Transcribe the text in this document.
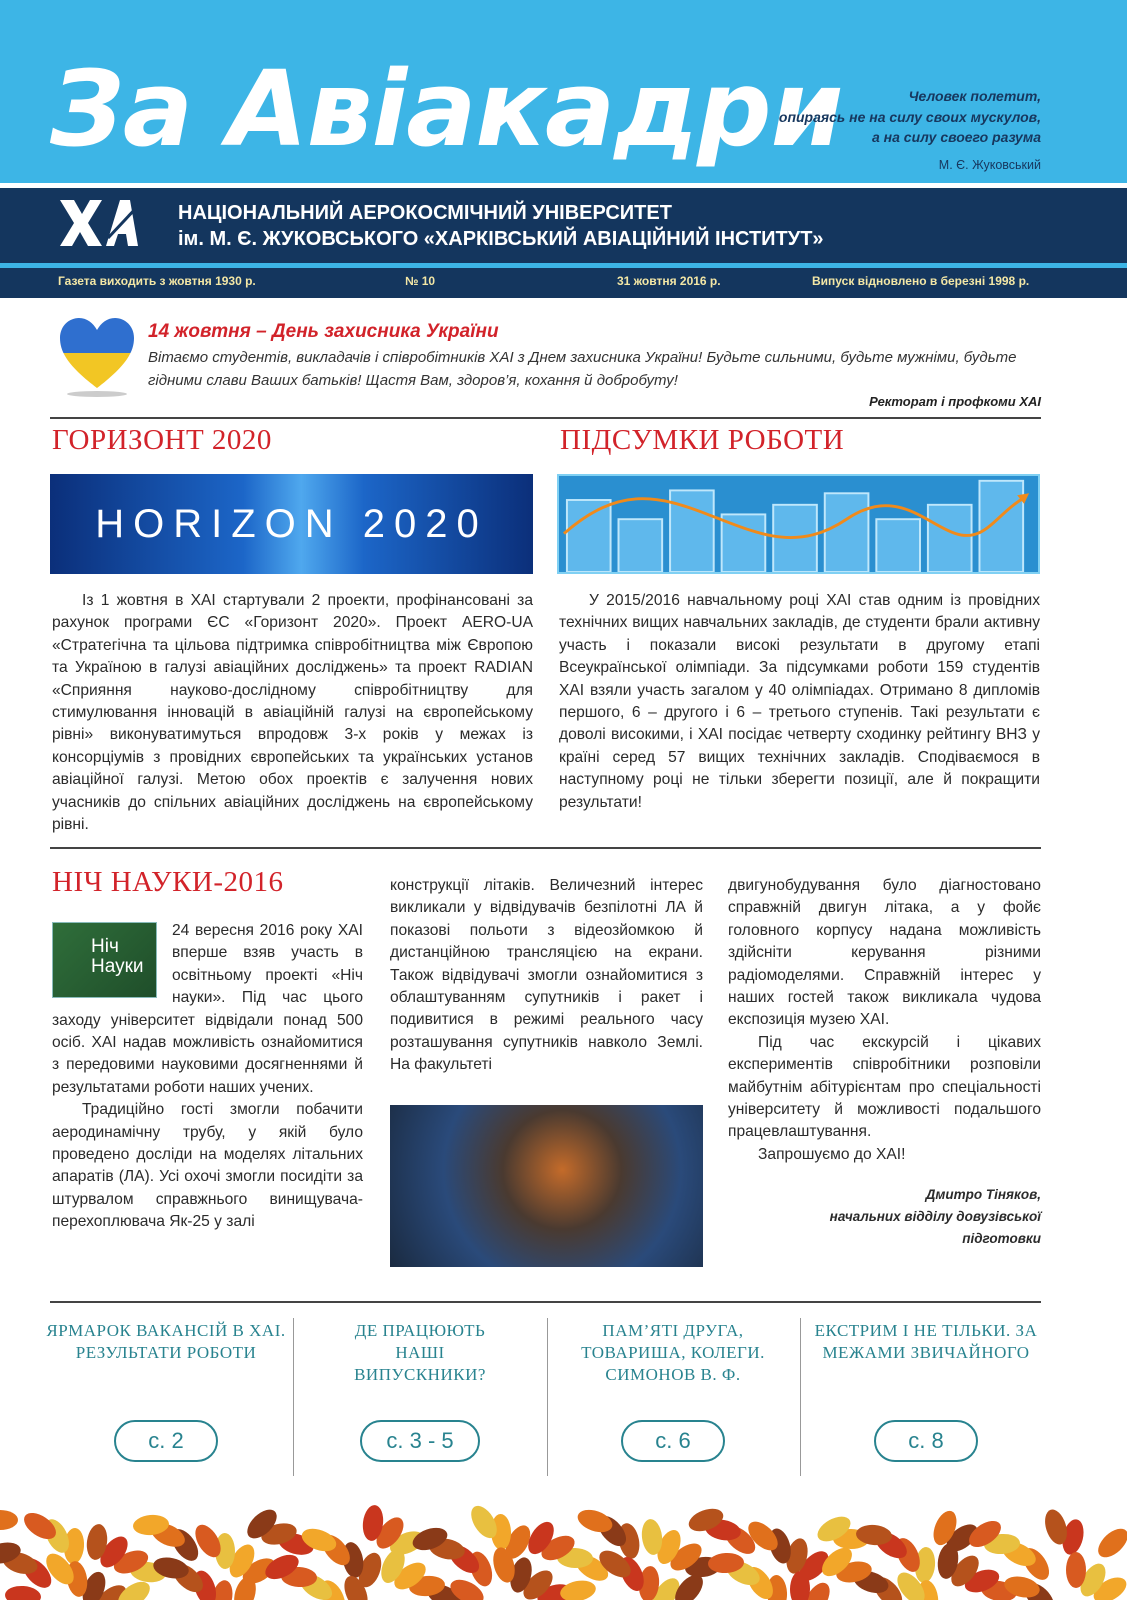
За Авіакадри	Человек полетит,
опираясь не на силу своих мускулов,
а на силу своего разума
М. Є. Жуковський
НАЦІОНАЛЬНИЙ АЕРОКОСМІЧНИЙ УНІВЕРСИТЕТ
ім. М. Є. ЖУКОВСЬКОГО «ХАРКІВСЬКИЙ АВІАЦІЙНИЙ ІНСТИТУТ»
Газета виходить з жовтня 1930 р.	№ 10	31 жовтня 2016 р.	Випуск відновлено в березні 1998 р.
14 жовтня – День захисника України
Вітаємо студентів, викладачів і співробітників ХАІ з Днем захисника України! Будьте сильними, будьте мужніми, будьте гідними слави Ваших батьків! Щастя Вам, здоров’я, кохання й добробуту!
Ректорат і профкоми ХАІ
ГОРИЗОНТ 2020
HORIZON 2020

Із 1 жовтня в ХАІ стартували 2 проекти, профінансовані за рахунок програми ЄС «Горизонт 2020». Проект AERO-UA «Стратегічна та цільова підтримка співробітництва між Європою та Україною в галузі авіаційних досліджень» та проект RADIAN «Сприяння науково-дослідному співробітництву для стимулювання інновацій в авіаційній галузі на європейському рівні» виконуватимуться впродовж 3-х років у межах із консорціумів з провідних європейських та українських установ авіаційної галузі. Метою обох проектів є залучення нових учасників до спільних авіаційних досліджень на європейському рівні.

ПІДСУМКИ РОБОТИ

У 2015/2016 навчальному році ХАІ став одним із провідних технічних вищих навчальних закладів, де студенти брали активну участь і показали високі результати в другому етапі Всеукраїнської олімпіади. За підсумками роботи 159 студентів ХАІ взяли участь загалом у 40 олімпіадах. Отримано 8 дипломів першого, 6 – другого і 6 – третього ступенів. Такі результати є доволі високими, і ХАІ посідає четверту сходинку рейтингу ВНЗ у країні серед 57 вищих технічних закладів. Сподіваємося в наступному році не тільки зберегти позиції, але й покращити результати!

НІЧ НАУКИ-2016
Ніч Науки
24 вересня 2016 року ХАІ вперше взяв участь в освітньому проекті «Ніч науки». Під час цього заходу університет відвідали понад 500 осіб. ХАІ надав можливість ознайомитися з передовими науковими досягненнями й результатами роботи наших учених.

Традиційно гості змогли побачити аеродинамічну трубу, у якій було проведено досліди на моделях літальних апаратів (ЛА). Усі охочі змогли посидіти за штурвалом справжнього винищувача-перехоплювача Як-25 у залі

конструкції літаків. Величезний інтерес викликали у відвідувачів безпілотні ЛА й показові польоти з відеозйомкою й дистанційною трансляцією на екрани. Також відвідувачі змогли ознайомитися з облаштуванням супутників і ракет і подивитися в режимі реального часу розташування супутників навколо Землі. На факультеті
двигунобудування було діагностовано справжній двигун літака, а у фойє головного корпусу надана можливість здійсніти керування різними радіомоделями. Справжній інтерес у наших гостей також викликала чудова експозиція музею ХАІ.

Під час екскурсій і цікавих експериментів співробітники розповіли майбутнім абітурієнтам про спеціальності університету й можливості подальшого працевлаштування.

Запрошуємо до ХАІ!

Дмитро Тіняков,
начальних відділу довузівської підготовки
ЯРМАРОК ВАКАНСІЙ В ХАІ. РЕЗУЛЬТАТИ РОБОТИ
с. 2
ДЕ ПРАЦЮЮТЬ НАШІ ВИПУСКНИКИ?
с. 3 - 5
ПАМ’ЯТІ ДРУГА, ТОВАРИША, КОЛЕГИ. СИМОНОВ В. Ф.
с. 6
ЕКСТРИМ І НЕ ТІЛЬКИ. ЗА МЕЖАМИ ЗВИЧАЙНОГО
с. 8
